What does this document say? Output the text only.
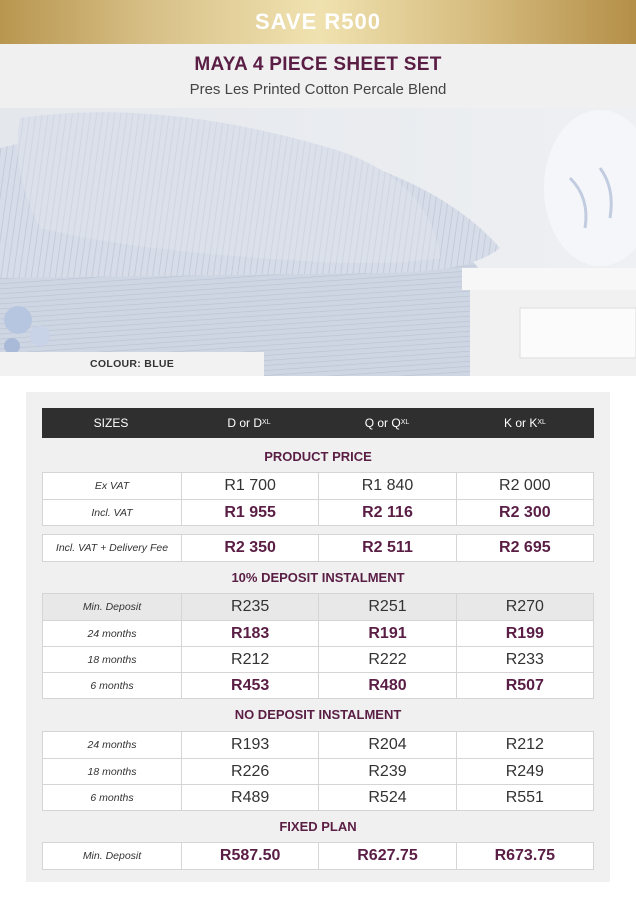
SAVE R500
MAYA 4 PIECE SHEET SET
Pres Les Printed Cotton Percale Blend
COLOUR: BLUE
SIZES	D or $D^{XL}$	Q or $Q^{XL}$	K or $K^{XL}$
PRODUCT PRICE
Ex VAT	R1 700	R1 840	R2 000
Incl. VAT	R1 955	R2 116	R2 300
Incl. VAT + Delivery Fee	R2 350	R2 511	R2 695
10% DEPOSIT INSTALMENT
Min. Deposit	R235	R251	R270
24 months	R183	R191	R199
18 months	R212	R222	R233
6 months	R453	R480	R507
NO DEPOSIT INSTALMENT
24 months	R193	R204	R212
18 months	R226	R239	R249
6 months	R489	R524	R551
FIXED PLAN
Min. Deposit	R587.50	R627.75	R673.75
